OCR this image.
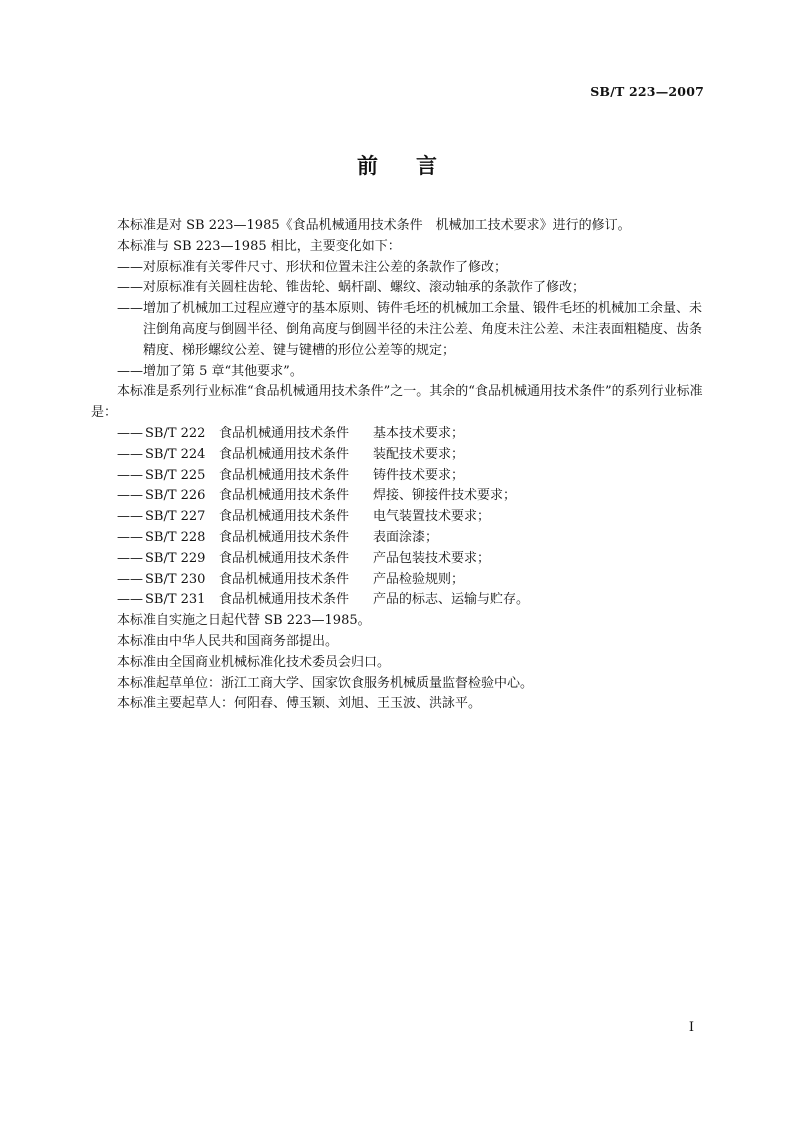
SB/T 223—2007
前言

本标准是对 SB 223—1985《食品机械通用技术条件　机械加工技术要求》进行的修订。

本标准与 SB 223—1985 相比，主要变化如下：

—— 对原标准有关零件尺寸、形状和位置未注公差的条款作了修改；
—— 对原标准有关圆柱齿轮、锥齿轮、蜗杆副、螺纹、滚动轴承的条款作了修改；
—— 增加了机械加工过程应遵守的基本原则、铸件毛坯的机械加工余量、锻件毛坯的机械加工余量、未注倒角高度与倒圆半径、倒角高度与倒圆半径的未注公差、角度未注公差、未注表面粗糙度、齿条精度、梯形螺纹公差、键与键槽的形位公差等的规定；
—— 增加了第 5 章“其他要求”。

本标准是系列行业标准“食品机械通用技术条件”之一。其余的“食品机械通用技术条件”的系列行业标准是：

—— SB/T 222 食品机械通用技术条件 基本技术要求；
—— SB/T 224 食品机械通用技术条件 装配技术要求；
—— SB/T 225 食品机械通用技术条件 铸件技术要求；
—— SB/T 226 食品机械通用技术条件 焊接、铆接件技术要求；
—— SB/T 227 食品机械通用技术条件 电气装置技术要求；
—— SB/T 228 食品机械通用技术条件 表面涂漆；
—— SB/T 229 食品机械通用技术条件 产品包装技术要求；
—— SB/T 230 食品机械通用技术条件 产品检验规则；
—— SB/T 231 食品机械通用技术条件 产品的标志、运输与贮存。

本标准自实施之日起代替 SB 223—1985。

本标准由中华人民共和国商务部提出。

本标准由全国商业机械标准化技术委员会归口。

本标准起草单位：浙江工商大学、国家饮食服务机械质量监督检验中心。

本标准主要起草人：何阳春、傅玉颖、刘旭、王玉波、洪詠平。

I
